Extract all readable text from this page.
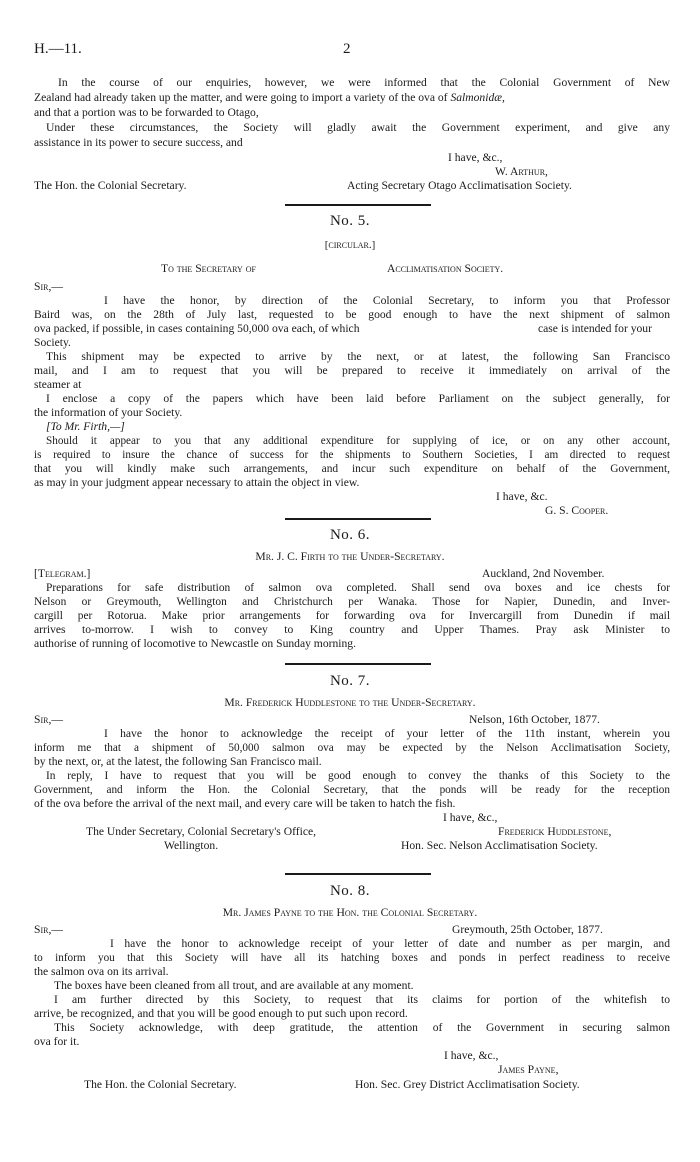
H.—11.	2
In the course of our enquiries, however, we were informed that the Colonial Government of New
Zealand had already taken up the matter, and were going to import a variety of the ova of Salmonidæ,
and that a portion was to be forwarded to Otago,
Under these circumstances, the Society will gladly await the Government experiment, and give any
assistance in its power to secure success, and
I have, &c.,
W. Arthur,
The Hon. the Colonial Secretary.	Acting Secretary Otago Acclimatisation Society.
No. 5.
[circular.]
To the Secretary of	Acclimatisation Society.
Sir,—
I have the honor, by direction of the Colonial Secretary, to inform you that Professor
Baird was, on the 28th of July last, requested to be good enough to have the next shipment of salmon
ova packed, if possible, in cases containing 50,000 ova each, of which	case is intended for your
Society.
This shipment may be expected to arrive by the next, or at latest, the following San Francisco
mail, and I am to request that you will be prepared to receive it immediately on arrival of the
steamer at
I enclose a copy of the papers which have been laid before Parliament on the subject generally, for
the information of your Society.
[To Mr. Firth,—]
Should it appear to you that any additional expenditure for supplying of ice, or on any other account,
is required to insure the chance of success for the shipments to Southern Societies, I am directed to request
that you will kindly make such arrangements, and incur such expenditure on behalf of the Government,
as may in your judgment appear necessary to attain the object in view.
I have, &c.
G. S. Cooper.
No. 6.
Mr. J. C. Firth to the Under-Secretary.
[Telegram.]	Auckland, 2nd November.
Preparations for safe distribution of salmon ova completed. Shall send ova boxes and ice chests for
Nelson or Greymouth, Wellington and Christchurch per Wanaka. Those for Napier, Dunedin, and Inver-
cargill per Rotorua. Make prior arrangements for forwarding ova for Invercargill from Dunedin if mail
arrives to-morrow. I wish to convey to King country and Upper Thames. Pray ask Minister to
authorise of running of locomotive to Newcastle on Sunday morning.
No. 7.
Mr. Frederick Huddlestone to the Under-Secretary.
Sir,—	Nelson, 16th October, 1877.
I have the honor to acknowledge the receipt of your letter of the 11th instant, wherein you
inform me that a shipment of 50,000 salmon ova may be expected by the Nelson Acclimatisation Society,
by the next, or, at the latest, the following San Francisco mail.
In reply, I have to request that you will be good enough to convey the thanks of this Society to the
Government, and inform the Hon. the Colonial Secretary, that the ponds will be ready for the reception
of the ova before the arrival of the next mail, and every care will be taken to hatch the fish.
I have, &c.,
The Under Secretary, Colonial Secretary's Office,	Frederick Huddlestone,
Wellington.	Hon. Sec. Nelson Acclimatisation Society.
No. 8.
Mr. James Payne to the Hon. the Colonial Secretary.
Sir,—	Greymouth, 25th October, 1877.
I have the honor to acknowledge receipt of your letter of date and number as per margin, and
to inform you that this Society will have all its hatching boxes and ponds in perfect readiness to receive
the salmon ova on its arrival.
The boxes have been cleaned from all trout, and are available at any moment.
I am further directed by this Society, to request that its claims for portion of the whitefish to
arrive, be recognized, and that you will be good enough to put such upon record.
This Society acknowledge, with deep gratitude, the attention of the Government in securing salmon
ova for it.
I have, &c.,
James Payne,
The Hon. the Colonial Secretary.	Hon. Sec. Grey District Acclimatisation Society.
